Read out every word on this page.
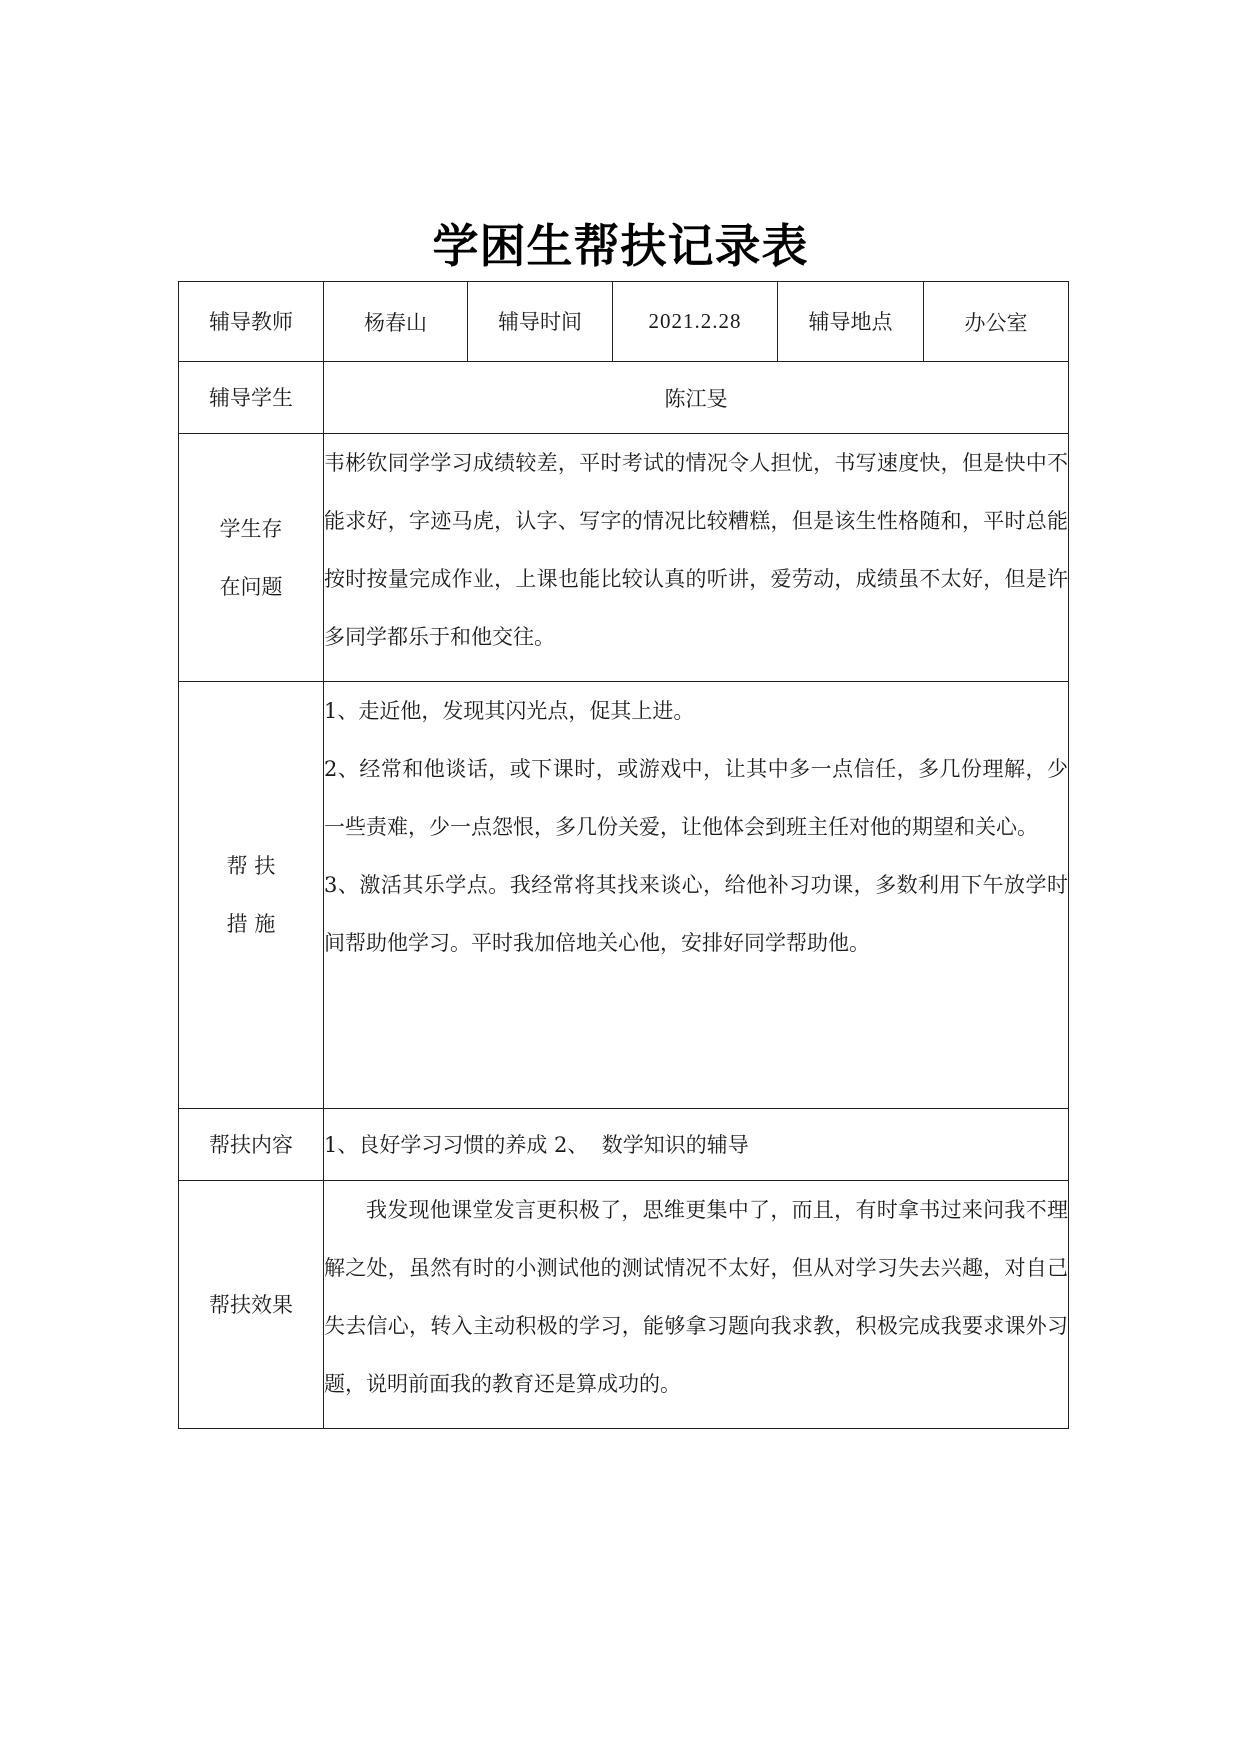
学困生帮扶记录表
辅导教师	杨春山	辅导时间	2021.2.28	辅导地点	办公室
辅导学生	陈江旻				

学生存
在问题	韦彬钦同学学习成绩较差，平时考试的情况令人担忧，书写速度快，但是快中不能求好，字迹马虎，认字、写字的情况比较糟糕，但是该生性格随和，平时总能按时按量完成作业，上课也能比较认真的听讲，爱劳动，成绩虽不太好，但是许多同学都乐于和他交往。				

帮 扶
措 施	1、走近他，发现其闪光点，促其上进。
2、经常和他谈话，或下课时，或游戏中，让其中多一点信任，多几份理解，少一些责难，少一点怨恨，多几份关爱，让他体会到班主任对他的期望和关心。
3、激活其乐学点。我经常将其找来谈心，给他补习功课，多数利用下午放学时间帮助他学习。平时我加倍地关心他，安排好同学帮助他。				

帮扶内容	1、良好学习习惯的养成 2、  数学知识的辅导				
帮扶效果	我发现他课堂发言更积极了，思维更集中了，而且，有时拿书过来问我不理解之处，虽然有时的小测试他的测试情况不太好，但从对学习失去兴趣，对自己失去信心，转入主动积极的学习，能够拿习题向我求教，积极完成我要求课外习题，说明前面我的教育还是算成功的。				
